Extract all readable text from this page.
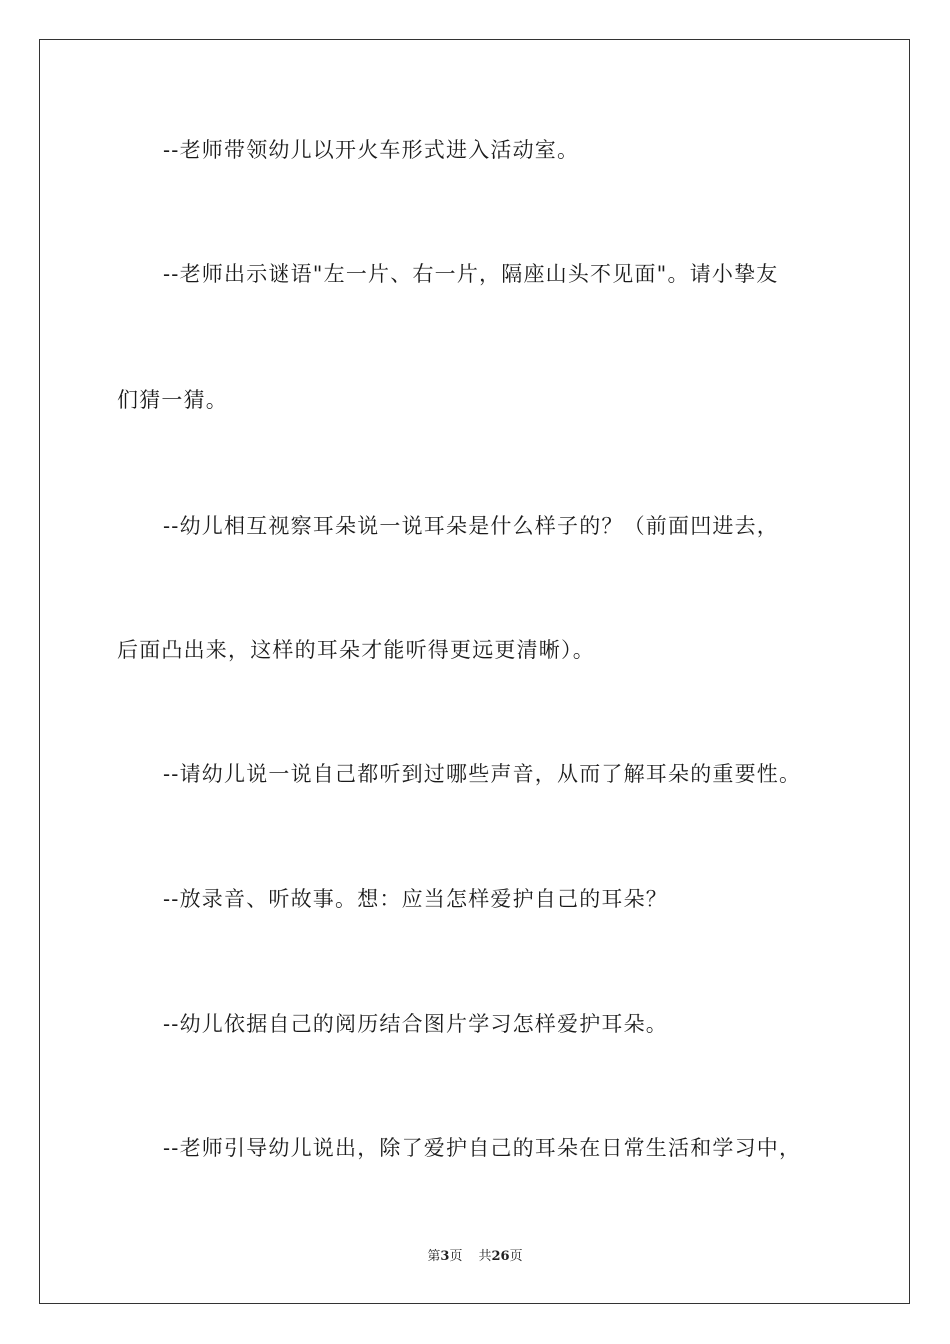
--老师带领幼儿以开火车形式进入活动室。
--老师出示谜语"左一片、右一片，隔座山头不见面"。请小挚友
们猜一猜。
--幼儿相互视察耳朵说一说耳朵是什么样子的？（前面凹进去，
后面凸出来，这样的耳朵才能听得更远更清晰）。
--请幼儿说一说自己都听到过哪些声音，从而了解耳朵的重要性。
--放录音、听故事。想：应当怎样爱护自己的耳朵？
--幼儿依据自己的阅历结合图片学习怎样爱护耳朵。
--老师引导幼儿说出，除了爱护自己的耳朵在日常生活和学习中，
第3页 共26页
